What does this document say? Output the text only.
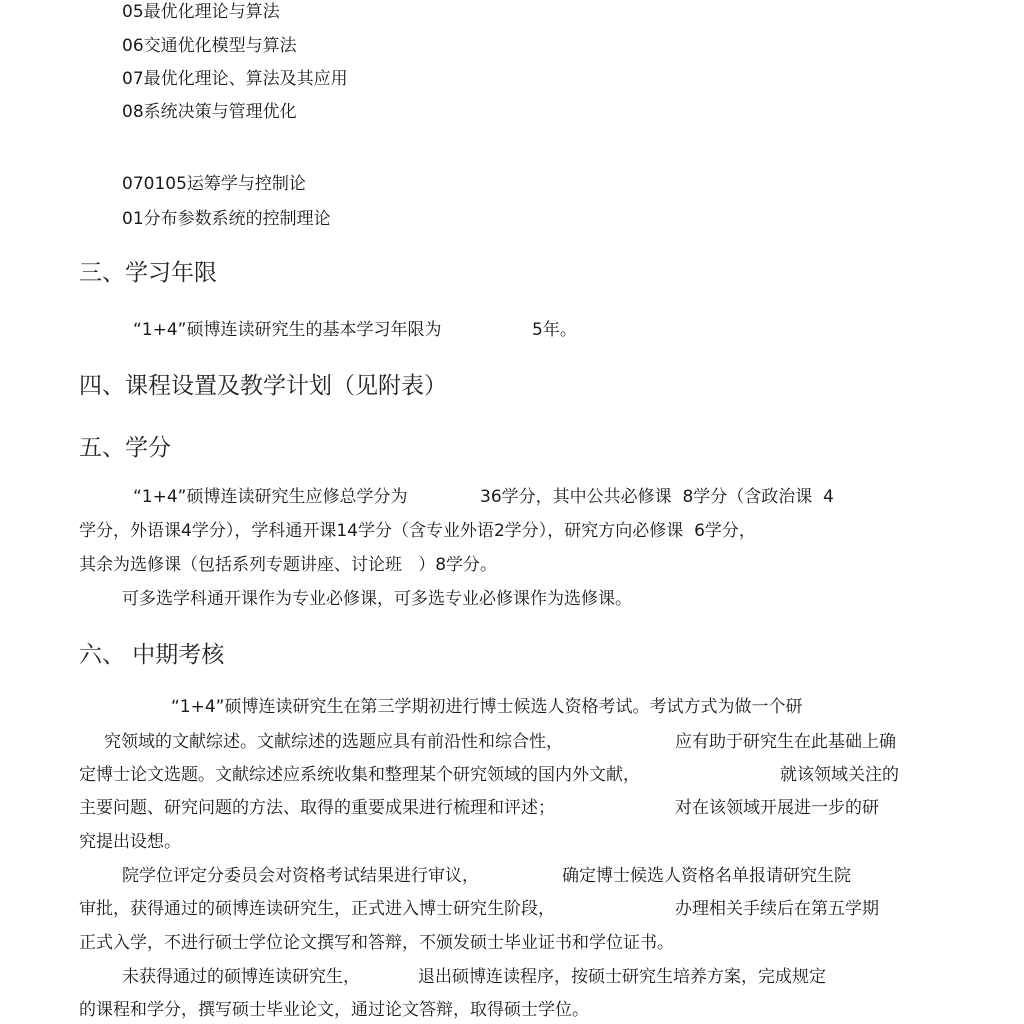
05最优化理论与算法
06交通优化模型与算法
07最优化理论、算法及其应用
08系统决策与管理优化
070105运筹学与控制论
01分布参数系统的控制理论
三、学习年限
“1+4”硕博连读研究生的基本学习年限为	5年。
四、课程设置及教学计划（见附表）
五、学分
“1+4”硕博连读研究生应修总学分为	36学分，其中公共必修课  8学分（含政治课  4
学分，外语课4学分），学科通开课14学分（含专业外语2学分），研究方向必修课  6学分，
其余为选修课（包括系列专题讲座、讨论班   ）8学分。
可多选学科通开课作为专业必修课，可多选专业必修课作为选修课。
六、 中期考核
“1+4”硕博连读研究生在第三学期初进行博士候选人资格考试。考试方式为做一个研
究领域的文献综述。文献综述的选题应具有前沿性和综合性，	应有助于研究生在此基础上确
定博士论文选题。文献综述应系统收集和整理某个研究领域的国内外文献，	就该领域关注的
主要问题、研究问题的方法、取得的重要成果进行梳理和评述；	对在该领域开展进一步的研
究提出设想。
院学位评定分委员会对资格考试结果进行审议，	确定博士候选人资格名单报请研究生院
审批，获得通过的硕博连读研究生，正式进入博士研究生阶段，	办理相关手续后在第五学期
正式入学，不进行硕士学位论文撰写和答辩，不颁发硕士毕业证书和学位证书。
未获得通过的硕博连读研究生，	退出硕博连读程序，按硕士研究生培养方案，完成规定
的课程和学分，撰写硕士毕业论文，通过论文答辩，取得硕士学位。
